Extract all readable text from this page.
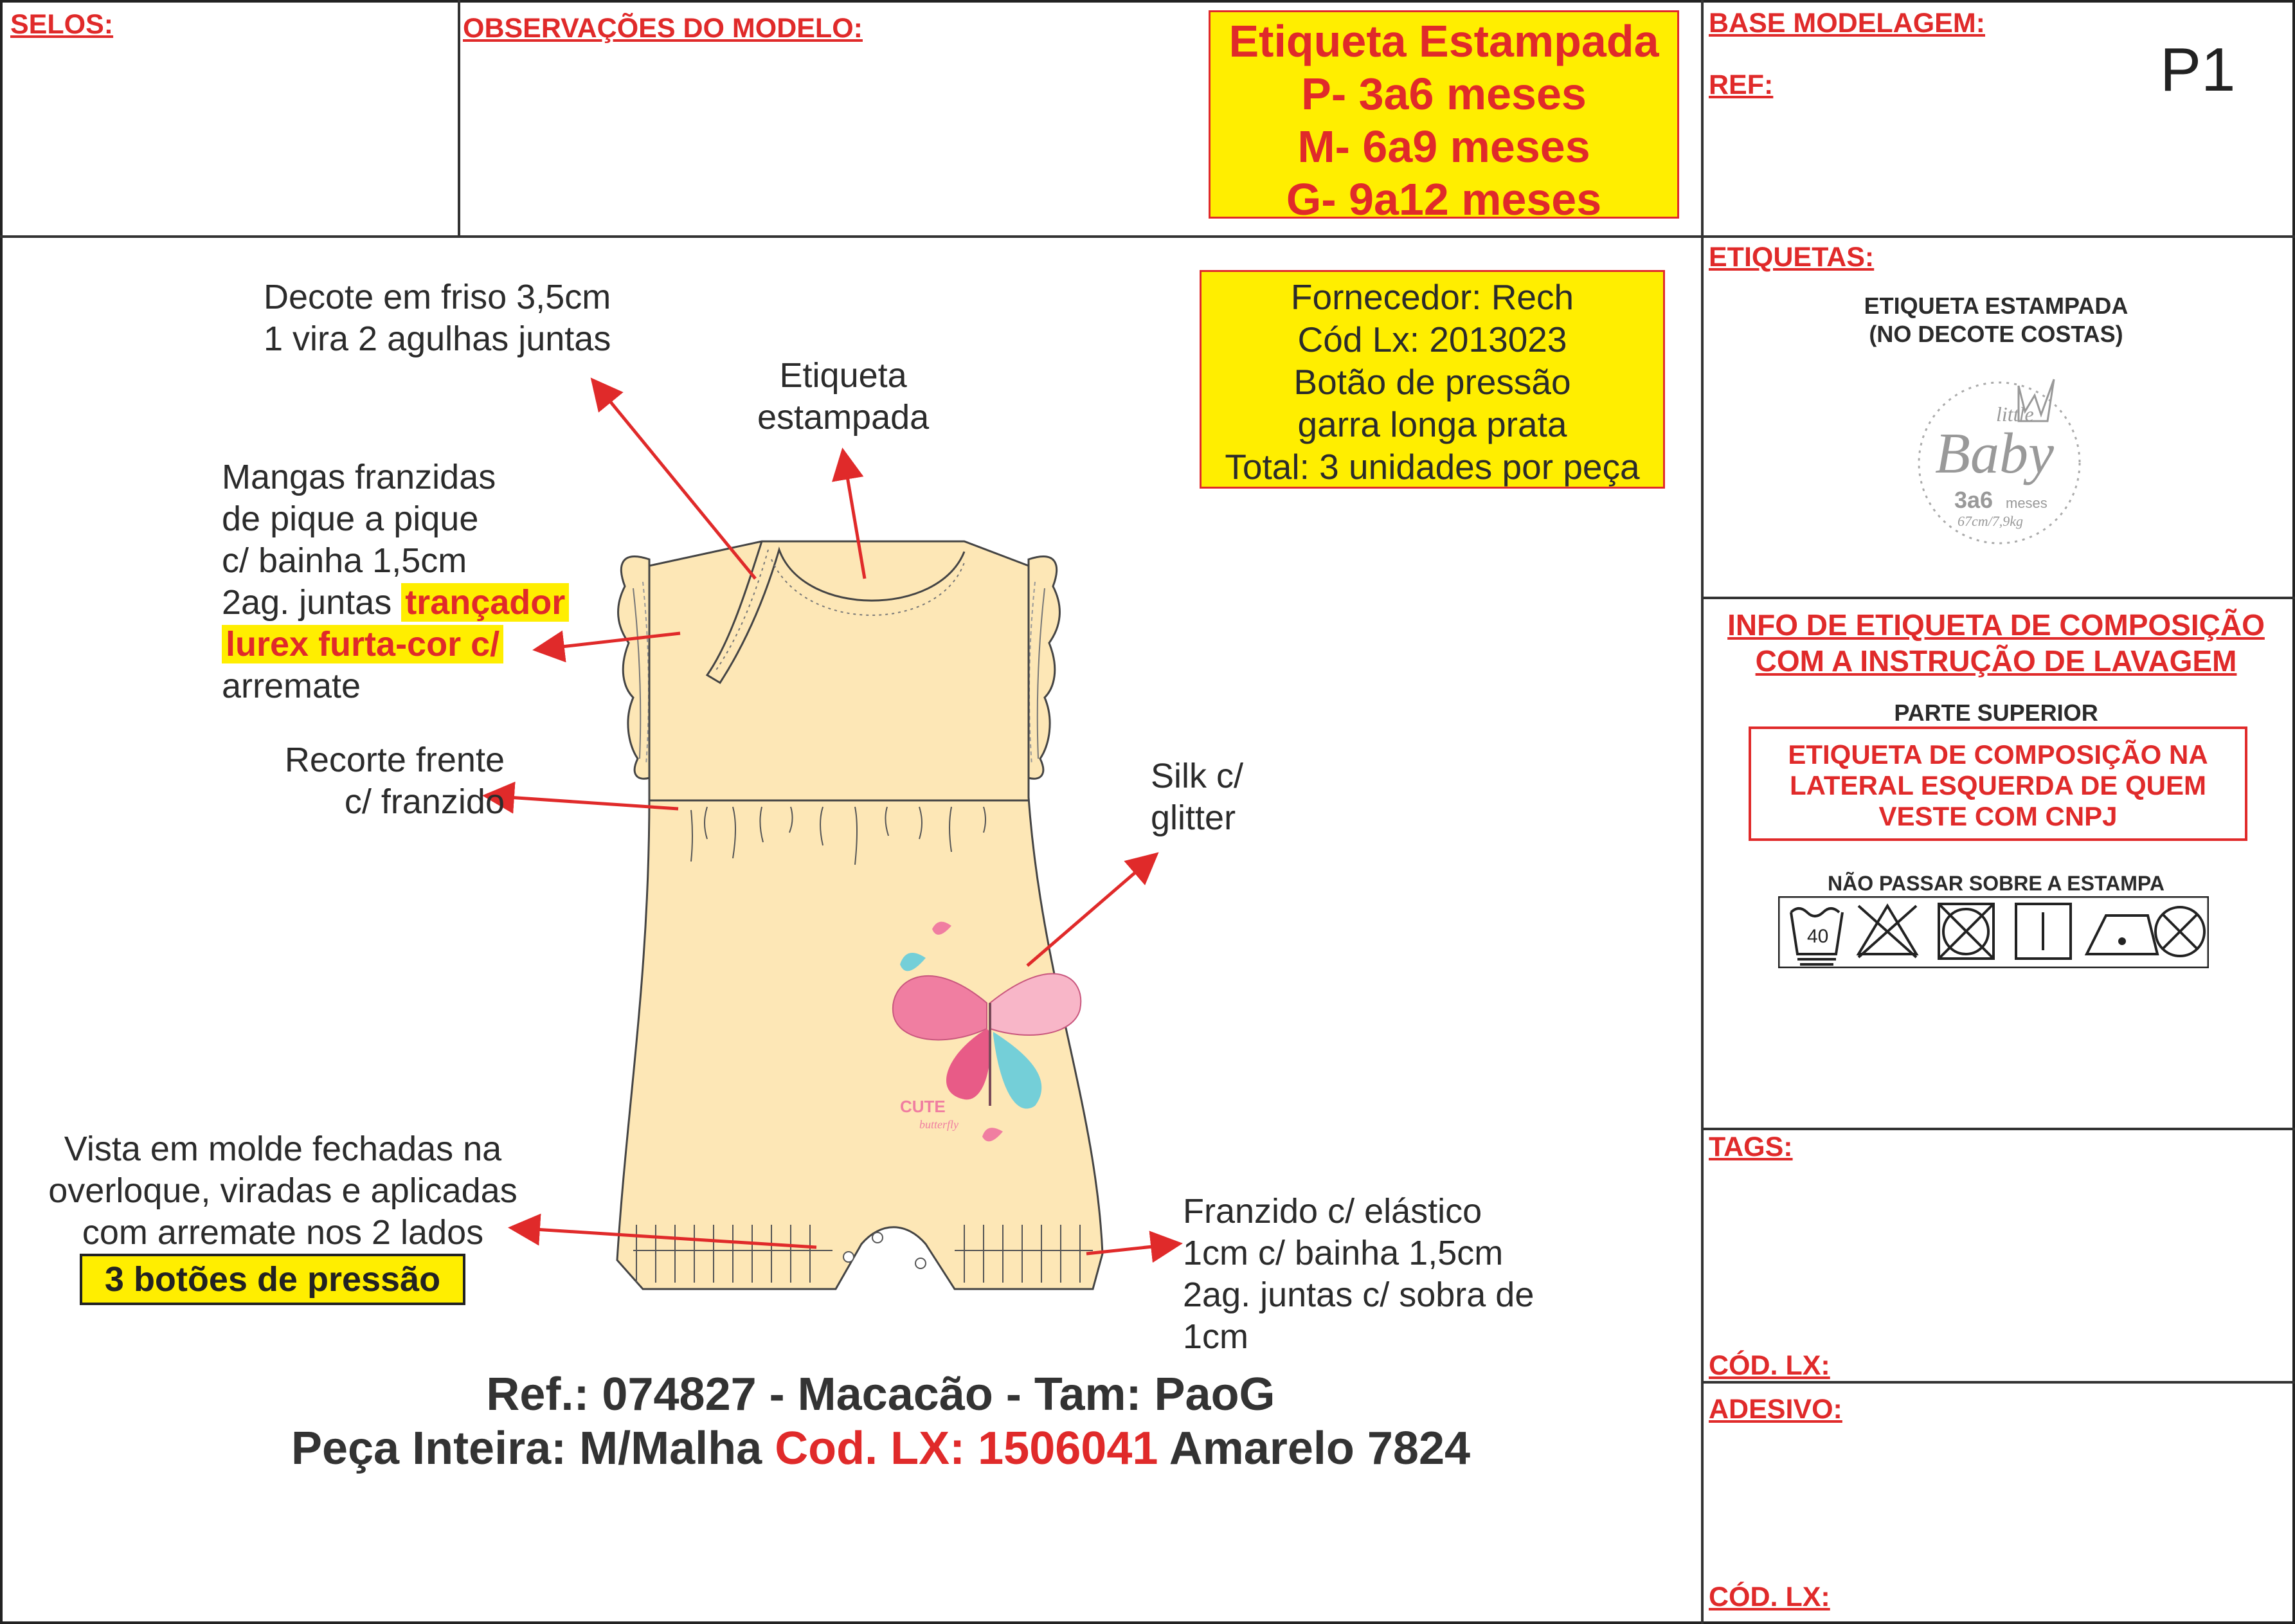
SELOS:	OBSERVAÇÕES DO MODELO:	Etiqueta Estampada
P- 3a6 meses
M- 6a9 meses
G- 9a12 meses
BASE MODELAGEM:
REF:	P1
Fornecedor: Rech
Cód Lx: 2013023
Botão de pressão
garra longa prata
Total: 3 unidades por peça
CUTE
butterfly
Decote em friso 3,5cm
1 vira 2 agulhas juntas
Etiqueta
estampada
Mangas franzidas
de pique a pique
c/ bainha 1,5cm
2ag. juntas trançador
lurex furta-cor c/
arremate
Recorte frente
c/ franzido
Silk c/
glitter
Vista em molde fechadas na
overloque, viradas e aplicadas
com arremate nos 2 lados
3 botões de pressão
Franzido c/ elástico
1cm c/ bainha 1,5cm
2ag. juntas c/ sobra de
1cm
Ref.: 074827 - Macacão - Tam: PaoG
Peça Inteira: M/Malha Cod. LX: 1506041 Amarelo 7824
ETIQUETAS:
ETIQUETA ESTAMPADA
(NO DECOTE COSTAS)
little
Baby
3a6 meses
67cm/7,9kg
INFO DE ETIQUETA DE COMPOSIÇÃO
COM A INSTRUÇÃO DE LAVAGEM
PARTE SUPERIOR
ETIQUETA DE COMPOSIÇÃO NA
LATERAL ESQUERDA DE QUEM
VESTE COM CNPJ
NÃO PASSAR SOBRE A ESTAMPA
40
TAGS:
CÓD. LX:
ADESIVO:
CÓD. LX:
